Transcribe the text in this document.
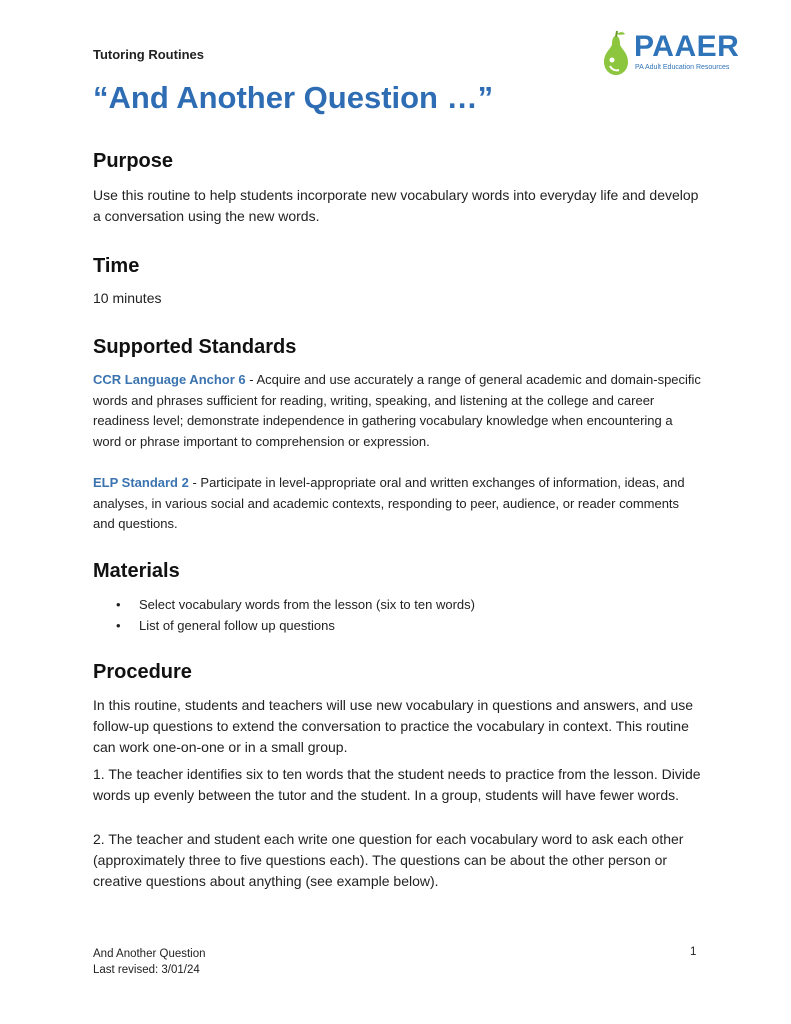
Tutoring Routines	PAAER
PA Adult Education Resources
“And Another Question …”
Purpose

Use this routine to help students incorporate new vocabulary words into everyday life and develop a conversation using the new words.

Time

10 minutes

Supported Standards

CCR Language Anchor 6 - Acquire and use accurately a range of general academic and domain-specific words and phrases sufficient for reading, writing, speaking, and listening at the college and career readiness level; demonstrate independence in gathering vocabulary knowledge when encountering a word or phrase important to comprehension or expression.

ELP Standard 2 - Participate in level-appropriate oral and written exchanges of information, ideas, and analyses, in various social and academic contexts, responding to peer, audience, or reader comments and questions.

Materials
• Select vocabulary words from the lesson (six to ten words)
• List of general follow up questions
Procedure

In this routine, students and teachers will use new vocabulary in questions and answers, and use follow-up questions to extend the conversation to practice the vocabulary in context. This routine can work one-on-one or in a small group.

1. The teacher identifies six to ten words that the student needs to practice from the lesson. Divide words up evenly between the tutor and the student. In a group, students will have fewer words.

2. The teacher and student each write one question for each vocabulary word to ask each other (approximately three to five questions each). The questions can be about the other person or creative questions about anything (see example below).

And Another Question
Last revised: 3/01/24
1
